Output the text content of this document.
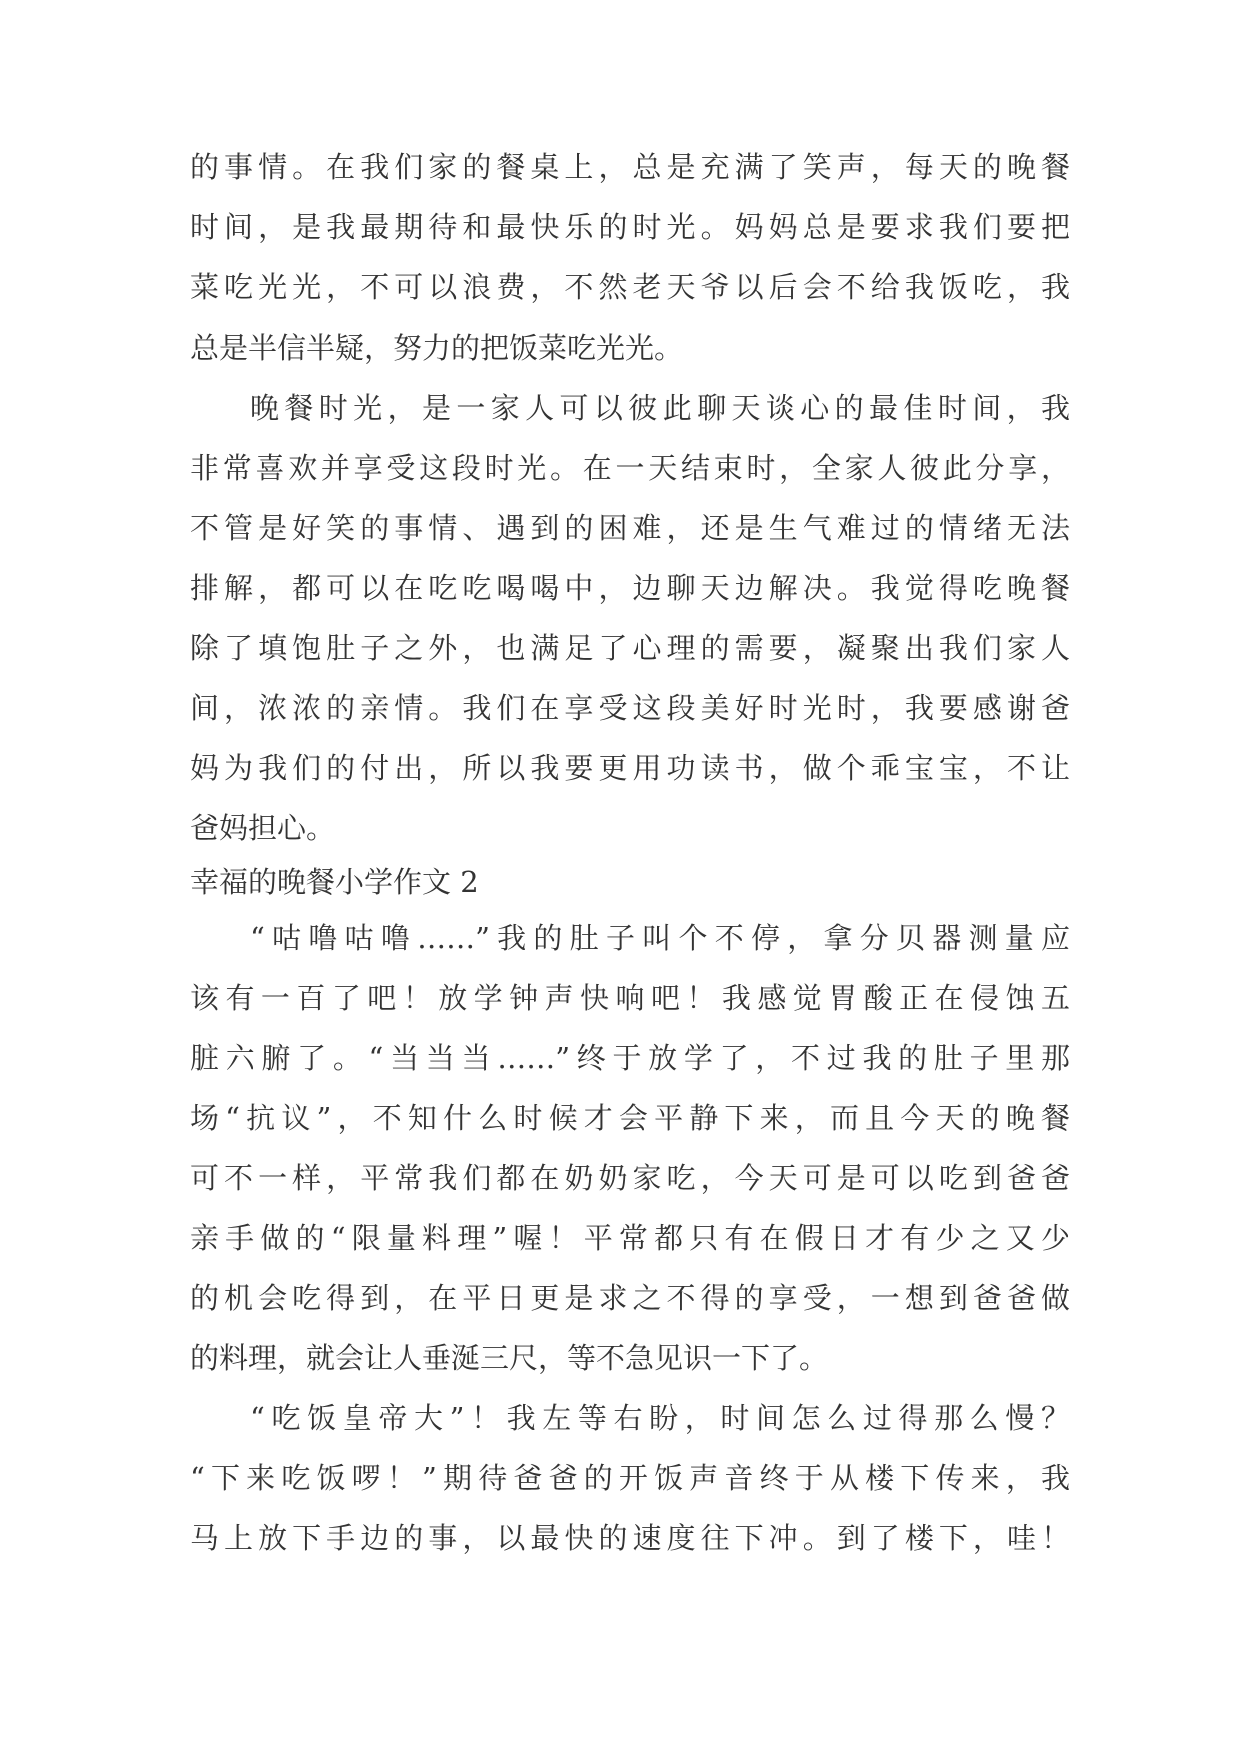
的事情。在我们家的餐桌上，总是充满了笑声，每天的晚餐

时间，是我最期待和最快乐的时光。妈妈总是要求我们要把

菜吃光光，不可以浪费，不然老天爷以后会不给我饭吃，我

总是半信半疑，努力的把饭菜吃光光。

晚餐时光，是一家人可以彼此聊天谈心的最佳时间，我

非常喜欢并享受这段时光。在一天结束时，全家人彼此分享，

不管是好笑的事情、遇到的困难，还是生气难过的情绪无法

排解，都可以在吃吃喝喝中，边聊天边解决。我觉得吃晚餐

除了填饱肚子之外，也满足了心理的需要，凝聚出我们家人

间，浓浓的亲情。我们在享受这段美好时光时，我要感谢爸

妈为我们的付出，所以我要更用功读书，做个乖宝宝，不让

爸妈担心。

幸福的晚餐小学作文 2

“咕噜咕噜……”我的肚子叫个不停，拿分贝器测量应

该有一百了吧！放学钟声快响吧！我感觉胃酸正在侵蚀五

脏六腑了。“当当当……”终于放学了，不过我的肚子里那

场“抗议”，不知什么时候才会平静下来，而且今天的晚餐

可不一样，平常我们都在奶奶家吃，今天可是可以吃到爸爸

亲手做的“限量料理”喔！平常都只有在假日才有少之又少

的机会吃得到，在平日更是求之不得的享受，一想到爸爸做

的料理，就会让人垂涎三尺，等不急见识一下了。

“吃饭皇帝大”！我左等右盼，时间怎么过得那么慢？

“下来吃饭啰！”期待爸爸的开饭声音终于从楼下传来，我

马上放下手边的事，以最快的速度往下冲。到了楼下，哇！
